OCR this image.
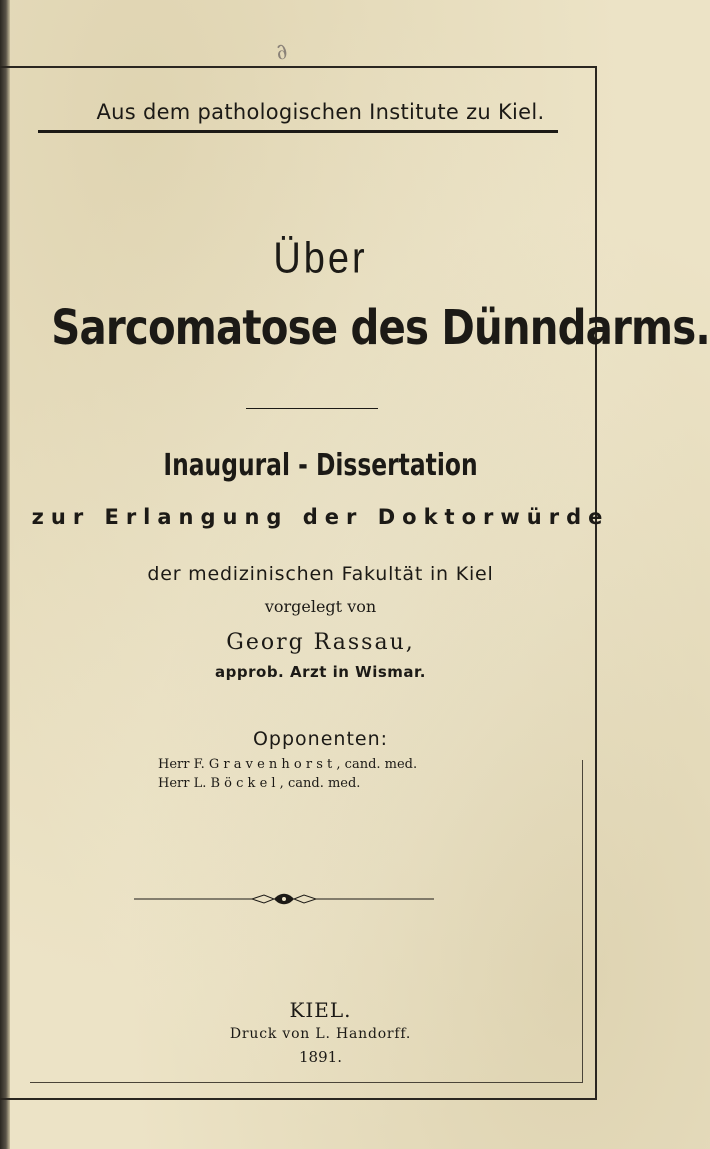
∂
Aus dem pathologischen Institute zu Kiel.
Über
Sarcomatose des Dünndarms.
Inaugural - Dissertation
zur Erlangung der Doktorwürde
der medizinischen Fakultät in Kiel
vorgelegt von
Georg Rassau,
approb. Arzt in Wismar.
Opponenten:
Herr F. G r a v e n h o r s t , cand. med.
Herr L. B ö c k e l , cand. med.
KIEL.
Druck von L. Handorff.
1891.
